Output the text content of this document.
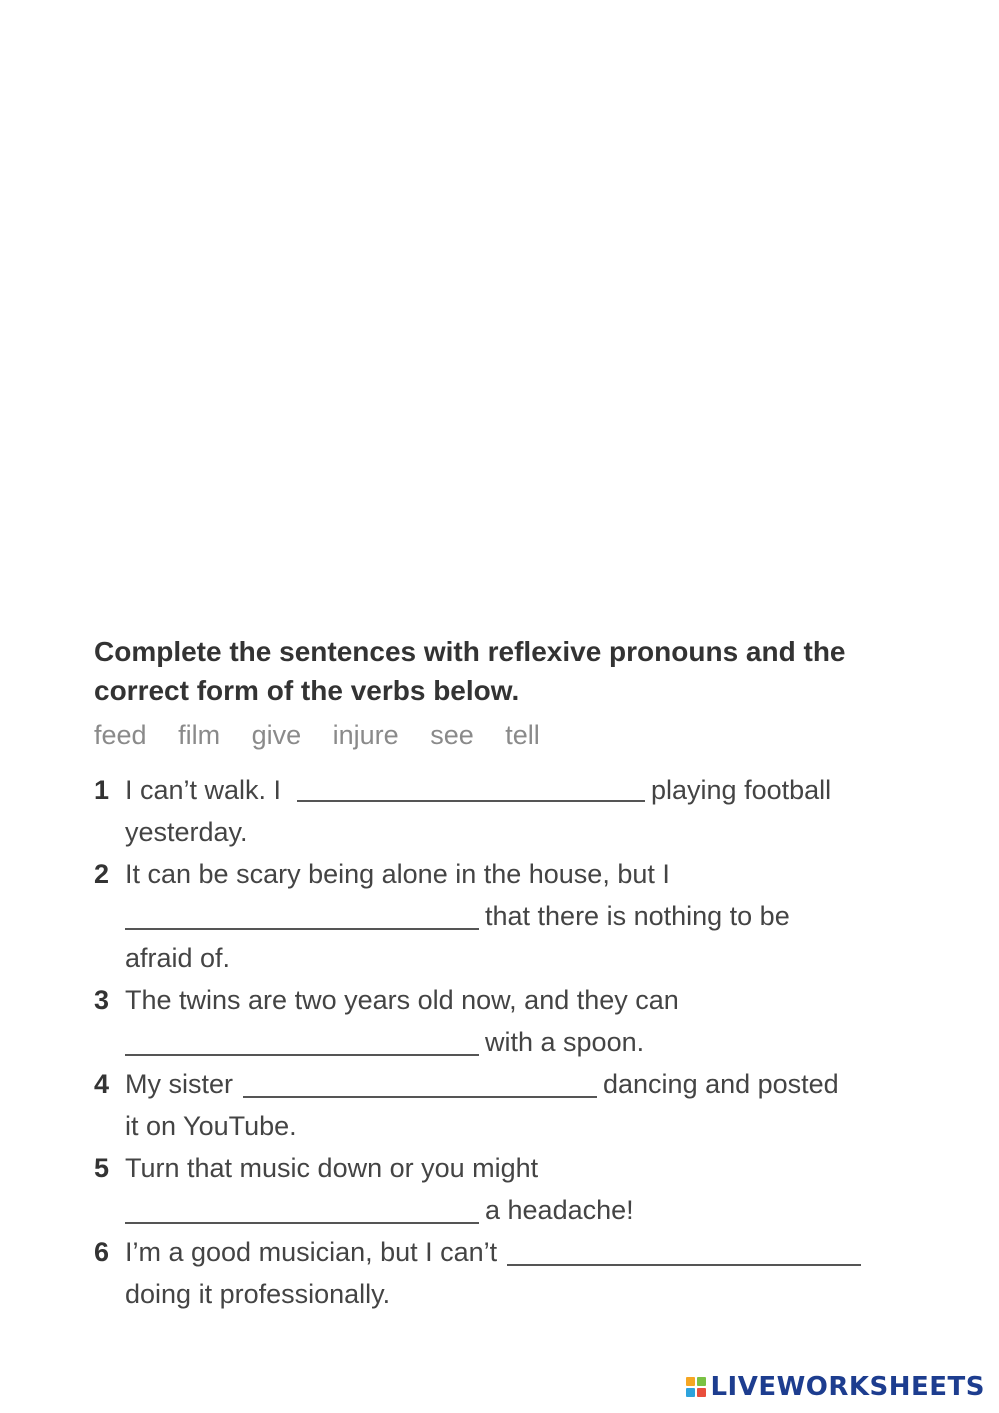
Complete the sentences with reflexive pronouns and the
correct form of the verbs below.
feed film give injure see tell
1 I can’t walk. I	playing football
yesterday.
2 It can be scary being alone in the house, but I
that there is nothing to be
afraid of.
3 The twins are two years old now, and they can
with a spoon.
4 My sister	dancing and posted
it on YouTube.
5 Turn that music down or you might
a headache!
6 I’m a good musician, but I can’t
doing it professionally.
LIVEWORKSHEETS
